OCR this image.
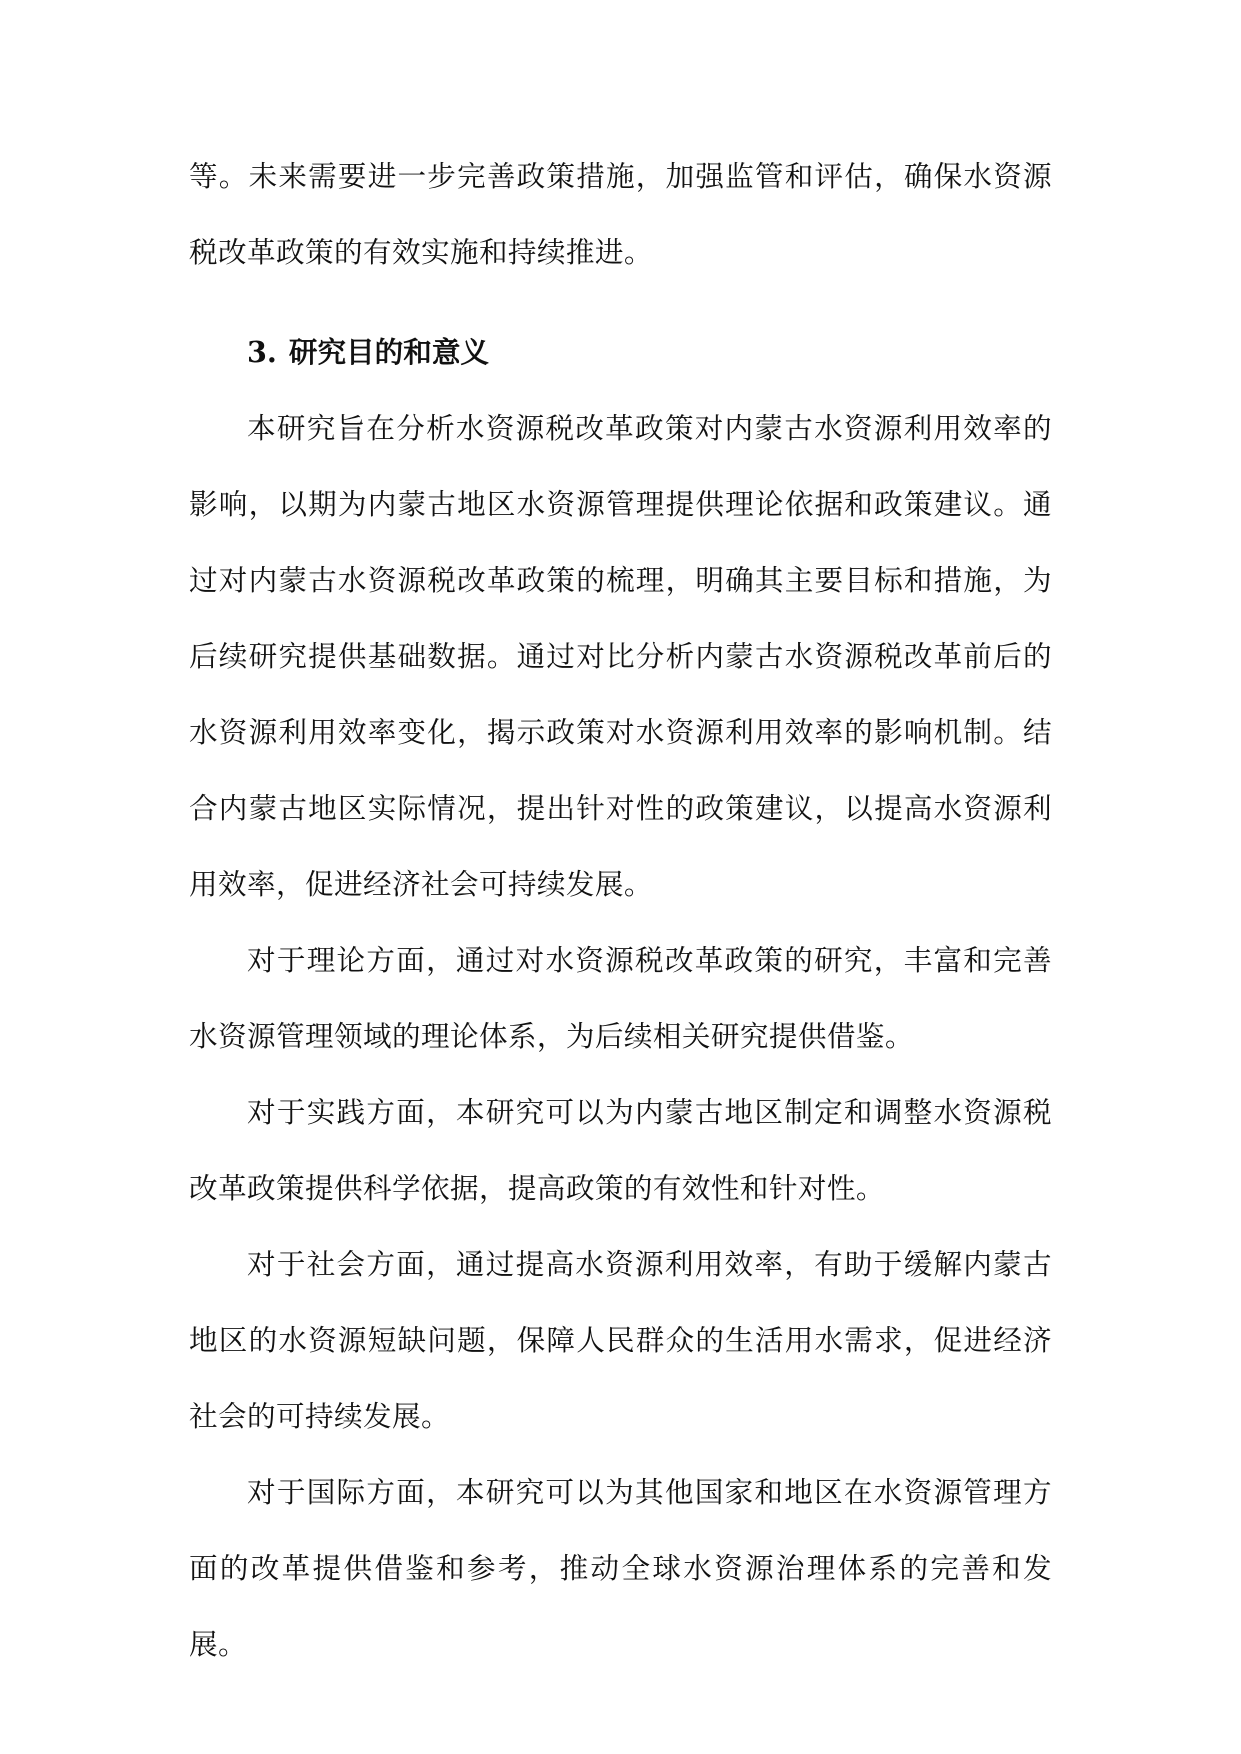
等。未来需要进一步完善政策措施，加强监管和评估，确保水资源税改革政策的有效实施和持续推进。

3. 研究目的和意义

本研究旨在分析水资源税改革政策对内蒙古水资源利用效率的影响，以期为内蒙古地区水资源管理提供理论依据和政策建议。通过对内蒙古水资源税改革政策的梳理，明确其主要目标和措施，为后续研究提供基础数据。通过对比分析内蒙古水资源税改革前后的水资源利用效率变化，揭示政策对水资源利用效率的影响机制。结合内蒙古地区实际情况，提出针对性的政策建议，以提高水资源利用效率，促进经济社会可持续发展。

对于理论方面，通过对水资源税改革政策的研究，丰富和完善水资源管理领域的理论体系，为后续相关研究提供借鉴。

对于实践方面，本研究可以为内蒙古地区制定和调整水资源税改革政策提供科学依据，提高政策的有效性和针对性。

对于社会方面，通过提高水资源利用效率，有助于缓解内蒙古地区的水资源短缺问题，保障人民群众的生活用水需求，促进经济社会的可持续发展。

对于国际方面，本研究可以为其他国家和地区在水资源管理方面的改革提供借鉴和参考，推动全球水资源治理体系的完善和发展。
